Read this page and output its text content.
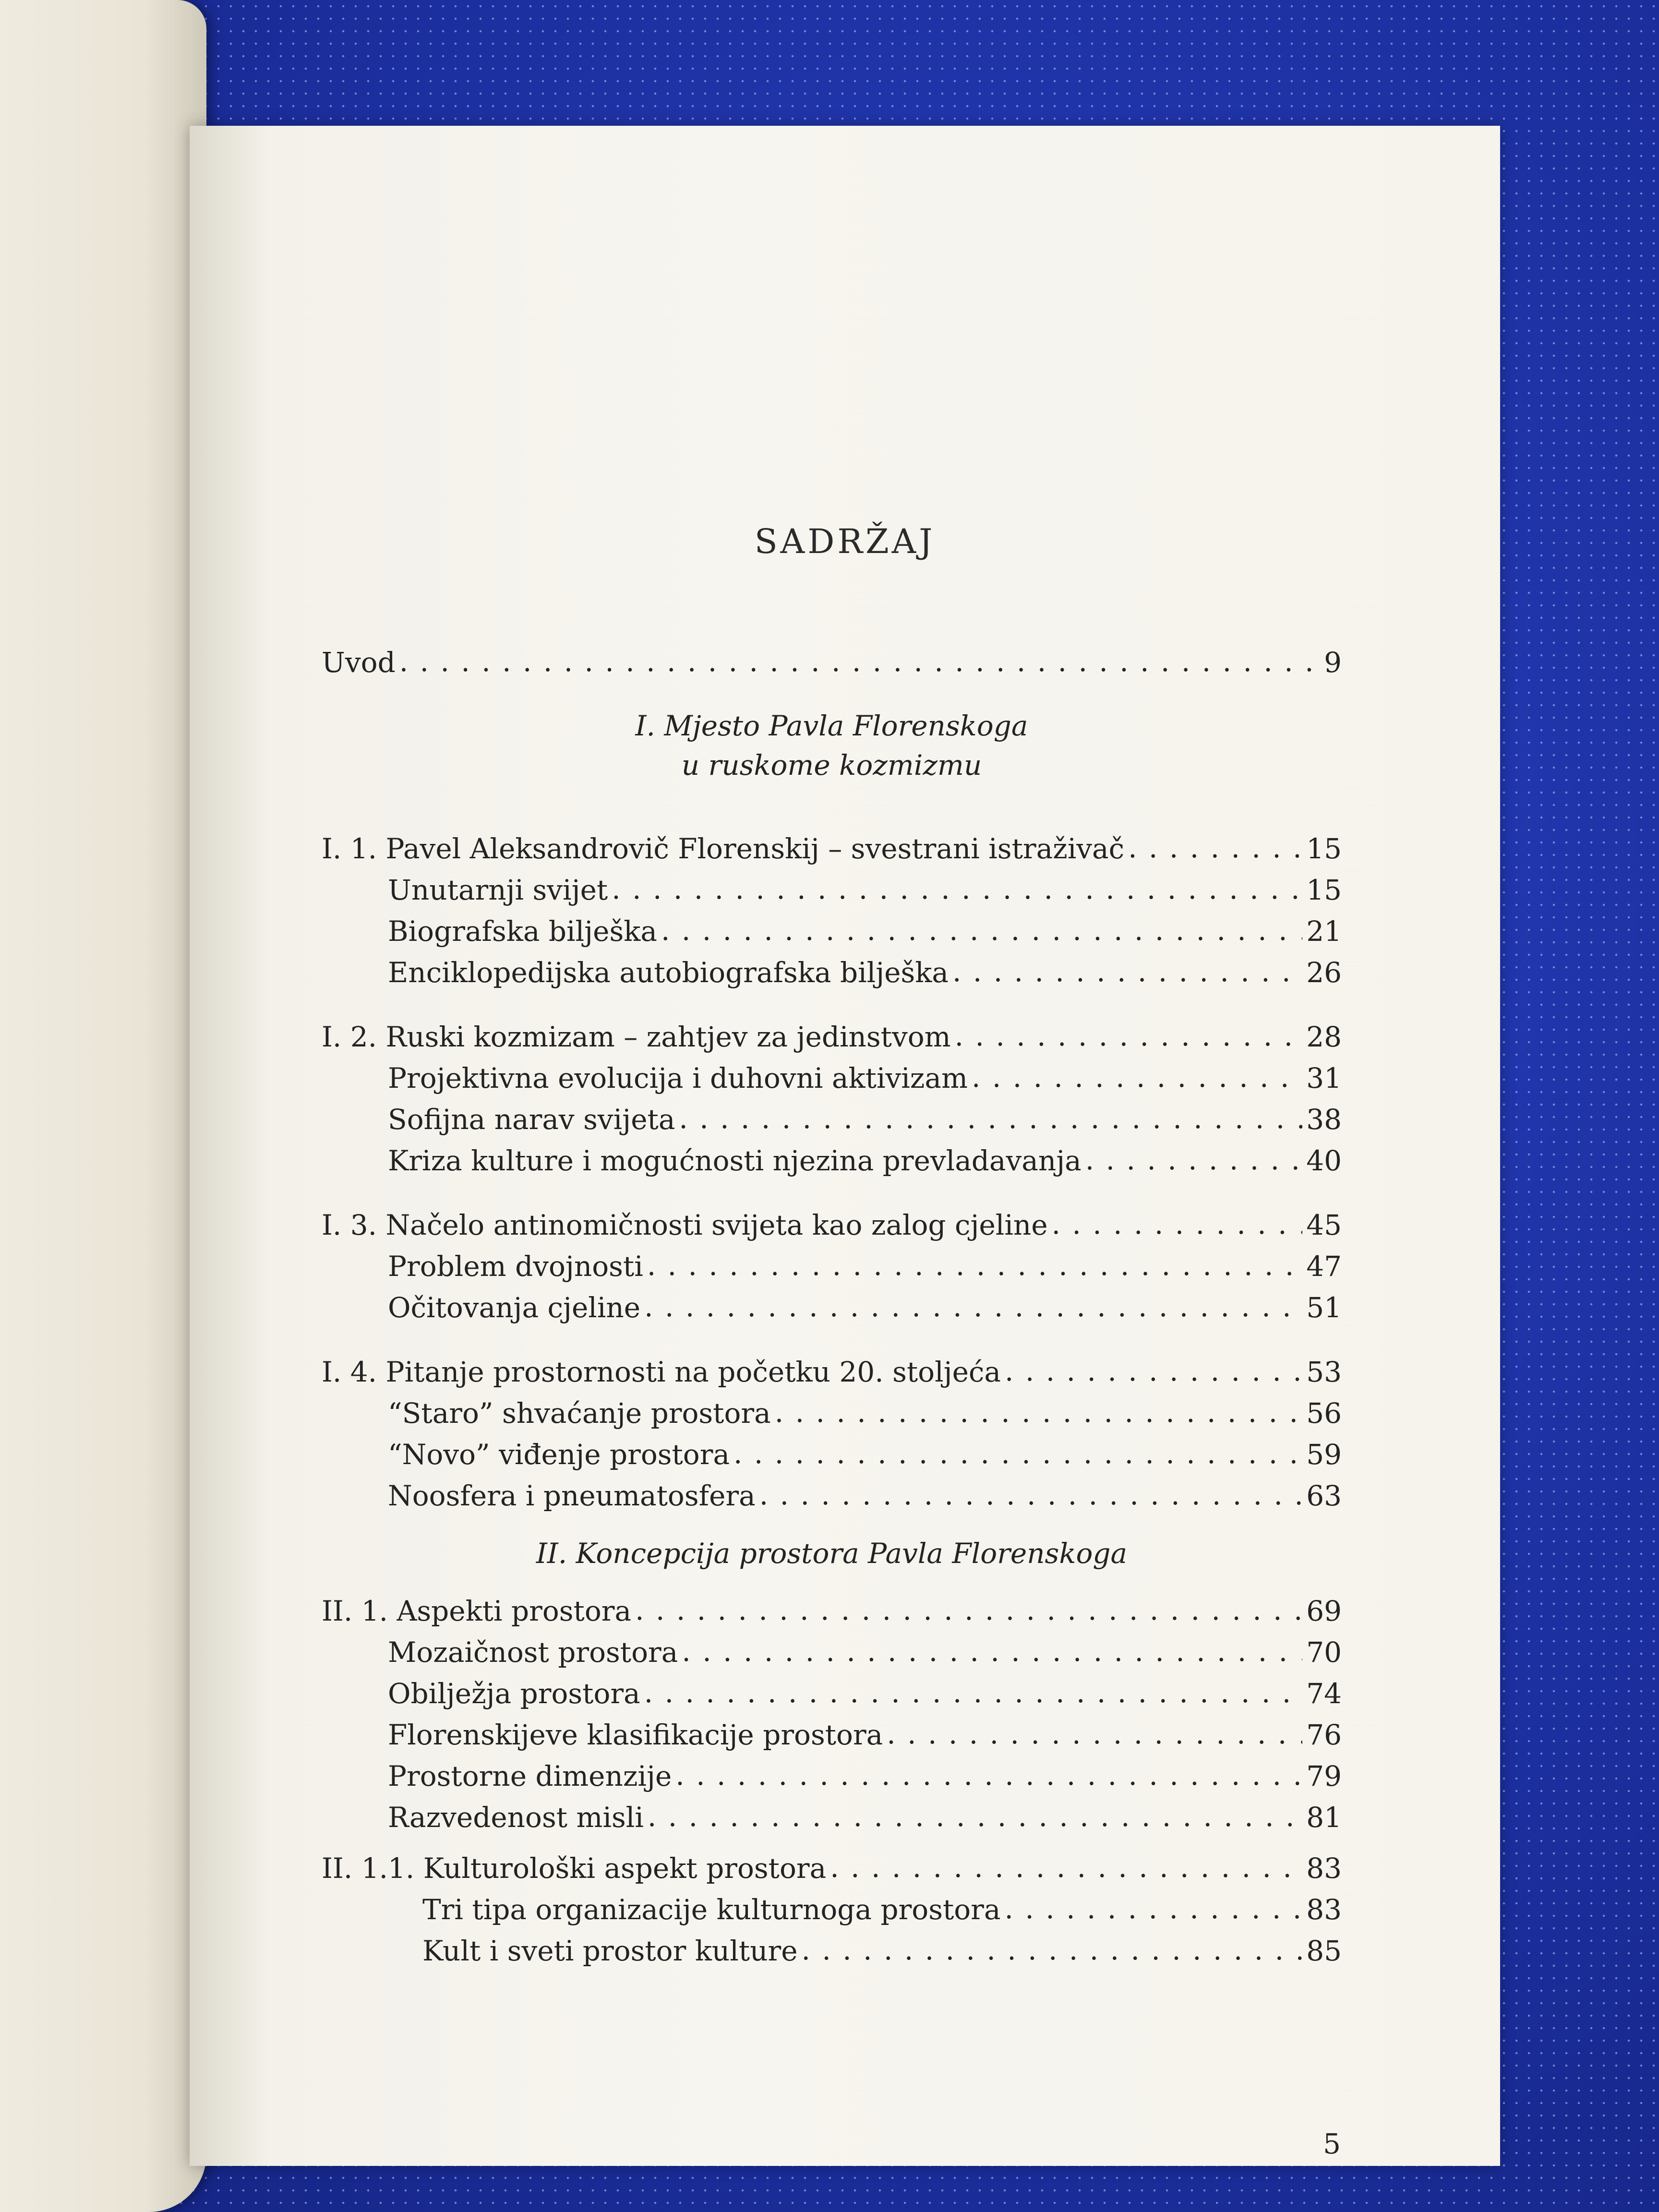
SADRŽAJ
Uvod . . .	9
I. Mjesto Pavla Florenskoga
u ruskome kozmizmu
I. 1. Pavel Aleksandrovič Florenskij – svestrani istraživač . . .	15
Unutarnji svijet . . .	15
Biografska bilješka . . .	21
Enciklopedijska autobiografska bilješka . . .	26
I. 2. Ruski kozmizam – zahtjev za jedinstvom . . .	28
Projektivna evolucija i duhovni aktivizam . . .	31
Sofijna narav svijeta . . .	38
Kriza kulture i mogućnosti njezina prevladavanja . . .	40
I. 3. Načelo antinomičnosti svijeta kao zalog cjeline . . .	45
Problem dvojnosti . . .	47
Očitovanja cjeline . . .	51
I. 4. Pitanje prostornosti na početku 20. stoljeća . . .	53
“Staro” shvaćanje prostora . . .	56
“Novo” viđenje prostora . . .	59
Noosfera i pneumatosfera . . .	63
II. Koncepcija prostora Pavla Florenskoga
II. 1. Aspekti prostora . . .	69
Mozaičnost prostora . . .	70
Obilježja prostora . . .	74
Florenskijeve klasifikacije prostora . . .	76
Prostorne dimenzije . . .	79
Razvedenost misli . . .	81
II. 1.1. Kulturološki aspekt prostora . . .	83
Tri tipa organizacije kulturnoga prostora . . .	83
Kult i sveti prostor kulture . . .	85
5
